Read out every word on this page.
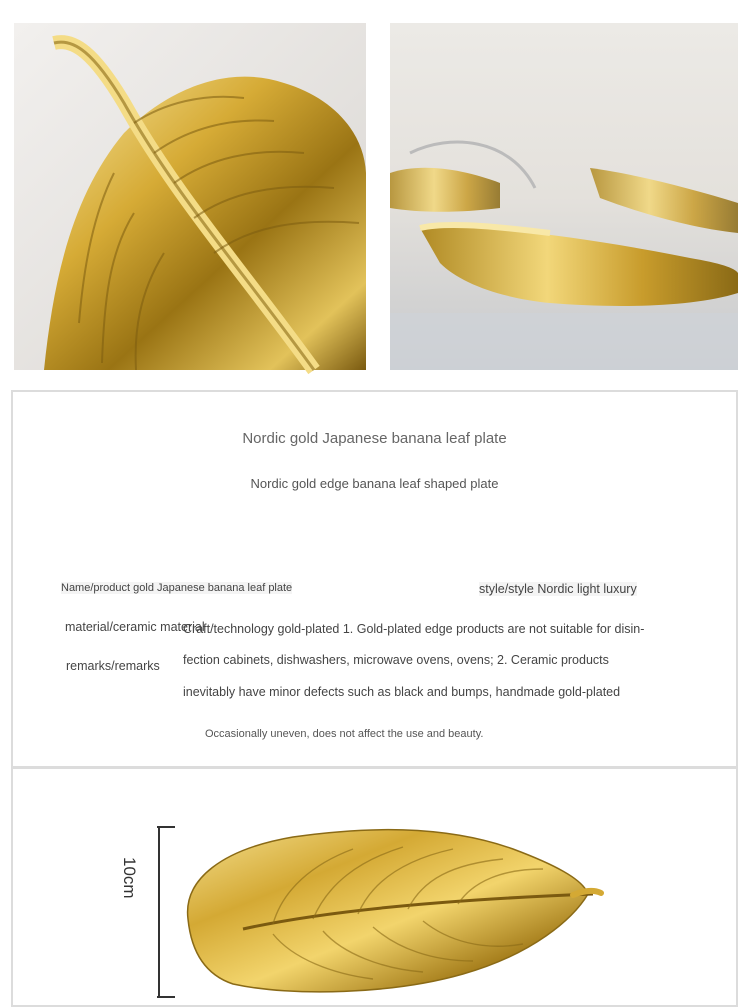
Nordic gold Japanese banana leaf plate
Nordic gold edge banana leaf shaped plate
Name/product gold Japanese banana leaf plate	style/style Nordic light luxury
material/ceramic material
remarks/remarks
Craft/technology gold-plated 1. Gold-plated edge products are not suitable for disin-
fection cabinets, dishwashers, microwave ovens, ovens; 2. Ceramic products
inevitably have minor defects such as black and bumps, handmade gold-plated
Occasionally uneven, does not affect the use and beauty.
10cm
